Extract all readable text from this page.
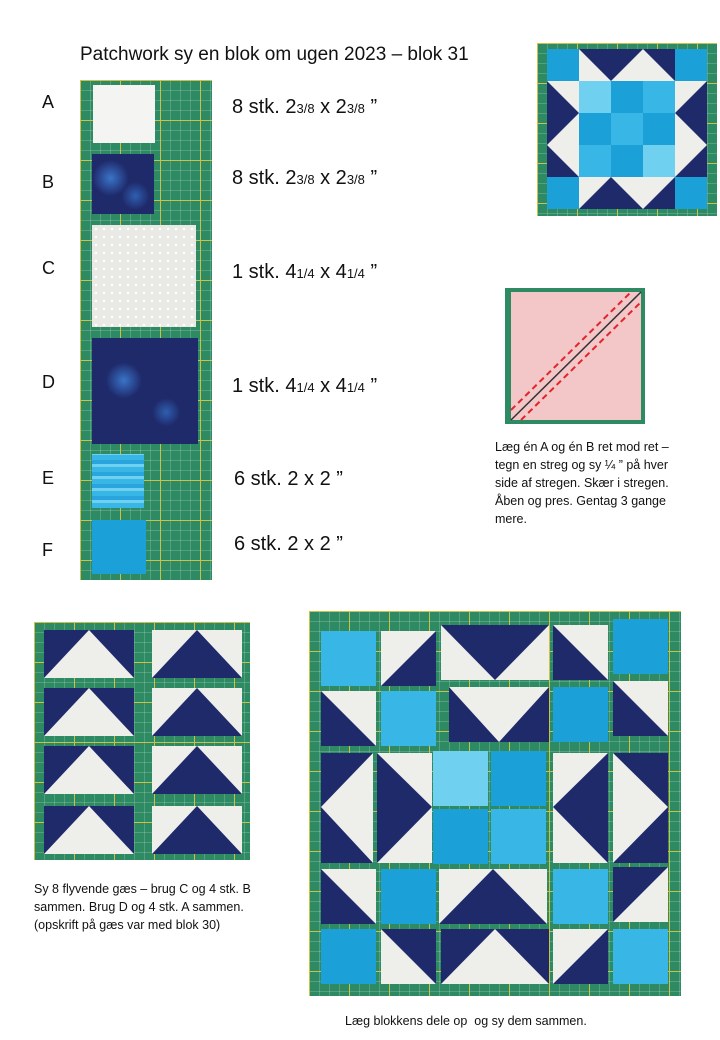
Patchwork sy en blok om ugen 2023 – blok 31
A	8 stk. 23/8 x 23/8 ”
B	8 stk. 23/8 x 23/8 ”
C	1 stk. 41/4 x 41/4 ”
D	1 stk. 41/4 x 41/4 ”
E	6 stk. 2 x 2 ”
F	6 stk. 2 x 2 ”
Læg én A og én B ret mod ret – tegn en streg og sy ¼ ” på hver side af stregen. Skær i stregen. Åben og pres. Gentag 3 gange mere.
Sy 8 flyvende gæs – brug C og 4 stk. B sammen. Brug D og 4 stk. A sammen. (opskrift på gæs var med blok 30)
Læg blokkens dele op  og sy dem sammen.
